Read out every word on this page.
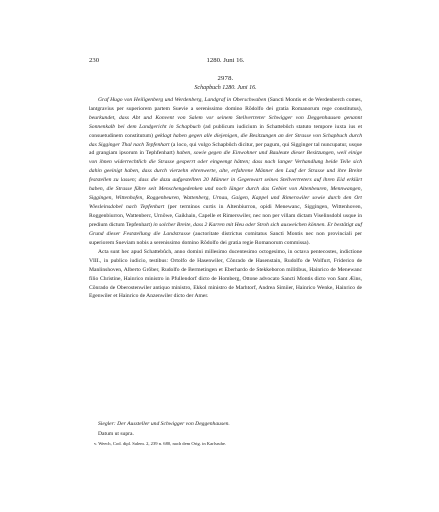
230	1280. Juni 16.
2978.
Schapbuch 1280. Juni 16.

Graf Hugo von Heiligenberg und Werdenberg, Landgraf in Oberschwaben (Sancti Montis et de Werdenberch comes, lantgravius per superiorem partem Suevie a serenissimo domino Rŏdolfo dei gratia Romanorum rege constitutus), beurkundet, dass Abt und Konvent von Salem vor seinem Stellvertreter Schwigger von Deggenhausen genannt Sonnenkalb bei dem Landgericht in Schapbuch (ad publicum iudicium in Schattebůch statuto tempore iuxta ius et consuetudinem constitutum) geklagt haben gegen alle diejenigen, die Besitzungen an der Strasse von Schapbuch durch das Sigginger Thal nach Tepfenhart (a loco, qui vulgo Schapbůch dicitur, per pagum, qui Sigginger tal nuncupatur, usque ad grangiam ipsorum in Tephfenhart) haben, sowie gegen die Einwohner und Bauleute dieser Besitzungen, weil einige von ihnen widerrechtlich die Strasse gesperrt oder eingeengt hätten; dass nach langer Verhandlung beide Teile sich dahin geeinigt haben, dass durch vierzehn ehrenwerte, alte, erfahrene Männer den Lauf der Strasse und ihre Breite feststellen zu lassen; dass die dazu aufgestellten 20 Männer in Gegenwart seines Stellvertreters auf ihren Eid erklärt haben, die Strasse führe seit Menschengedenken und noch länger durch das Gebiet von Altenbeuren, Mennwangen, Siggingen, Wittenhofen, Roggenbeuren, Wattenberg, Urnau, Gaigen, Kappel und Rimerswiler sowie durch den Ort Wiesleinsdobel nach Tepfenhart (per terminos curtis in Altenbiurron, opidi Menewanc, Siggingen, Wittenhoven, Roggenbiurron, Wattenberc, Urnôwe, Gaikhain, Capelle et Rimerswiler, nec non per villam dictam Viselinsdobl usque in predium dictum Tepfenhart) in solcher Breite, dass 2 Karren mit Heu oder Stroh sich ausweichen können. Er bestätigt auf Grund dieser Feststellung die Landstrasse (auctoritate districtus comitatus Sancti Montis nec non provinciali per superiorem Sueviam nobis a serenissimo domino Rŏdolfo dei gratia regie Romanorum commissa).

Acta sunt hec apud Schattebůch, anno domini millesimo ducentesimo octogesimo, in octava pentecostes, indictione VIII., in publico iudicio, testibus: Ortolfo de Hasenwiler, Cŏnrado de Hasenstain, Rudolfo de Wolfurt, Friderico de Manlinshoven, Alberto Grŏber, Rudolfo de Bermetingen et Eberhardo de Stekkeboron militibus, Hainrico de Menewanc filio Christine, Hainrico ministro in Pfullendorf dicto de Homberg, Ottone advocato Sancti Montis dicto von Sant Æins, Cŏnrado de Oberostenwiler antiquo ministro, Ekkol ministro de Marhtorf, Andrea Simiier, Hainrico Wenke, Hainrico de Egenwiler et Hainrico de Anzenwiler dicto der Amer.

Siegler: Der Aussteller und Schwigger von Deggenhausen.
Datum ut supra.
v. Weech, Cod. dipl. Salem. 2, 239 n. 680, nach dem Orig. in Karlsruhe.
